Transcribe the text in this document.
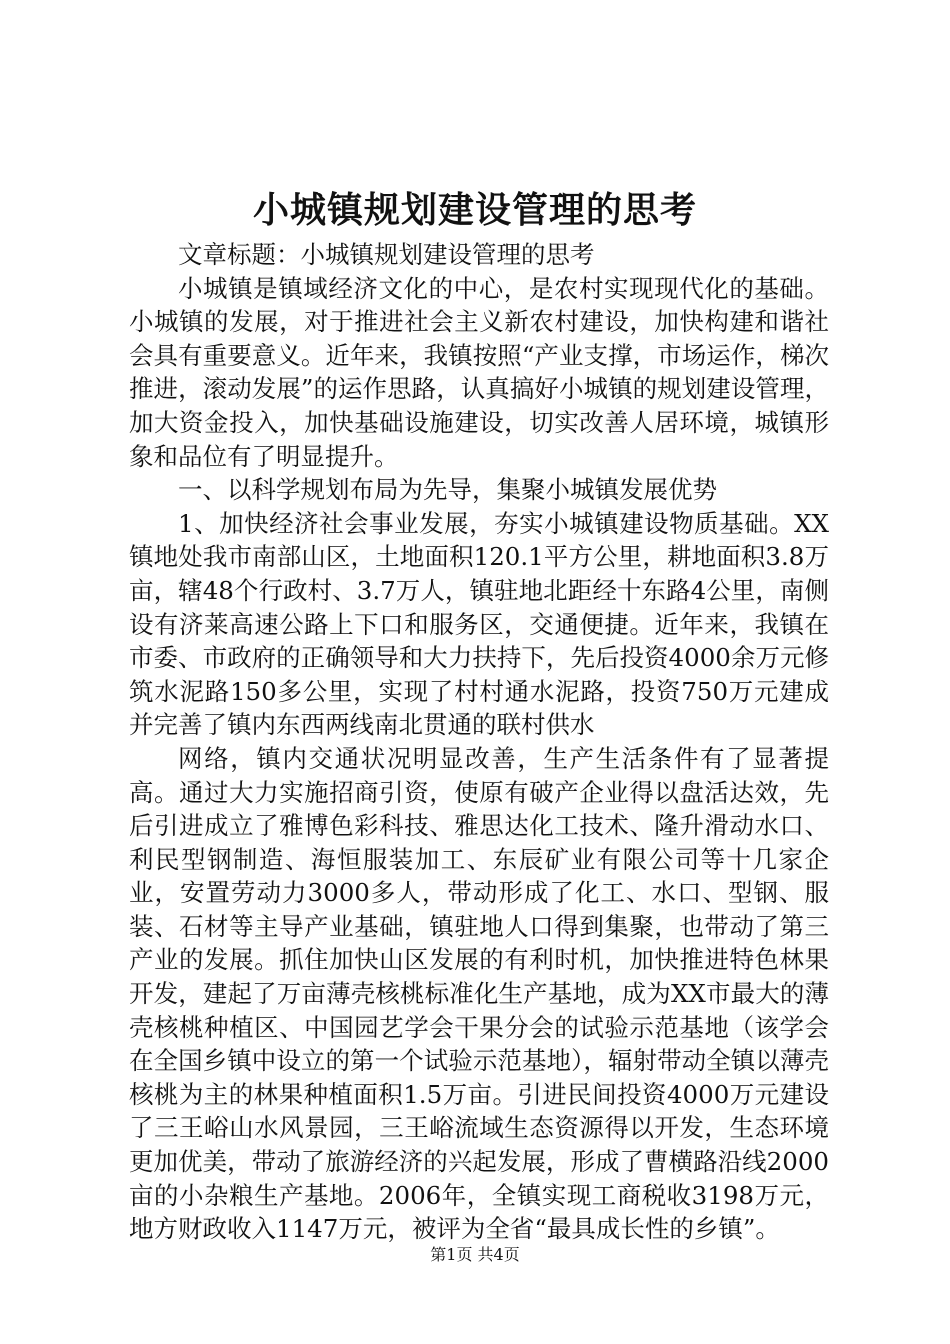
小城镇规划建设管理的思考

文章标题：小城镇规划建设管理的思考

小城镇是镇域经济文化的中心，是农村实现现代化的基础。小城镇的发展，对于推进社会主义新农村建设，加快构建和谐社会具有重要意义。近年来，我镇按照“产业支撑，市场运作，梯次推进，滚动发展”的运作思路，认真搞好小城镇的规划建设管理，加大资金投入，加快基础设施建设，切实改善人居环境，城镇形象和品位有了明显提升。

一、以科学规划布局为先导，集聚小城镇发展优势

1、加快经济社会事业发展，夯实小城镇建设物质基础。XX镇地处我市南部山区，土地面积120.1平方公里，耕地面积3.8万亩，辖48个行政村、3.7万人，镇驻地北距经十东路4公里，南侧设有济莱高速公路上下口和服务区，交通便捷。近年来，我镇在市委、市政府的正确领导和大力扶持下，先后投资4000余万元修筑水泥路150多公里，实现了村村通水泥路，投资750万元建成并完善了镇内东西两线南北贯通的联村供水

网络，镇内交通状况明显改善，生产生活条件有了显著提高。通过大力实施招商引资，使原有破产企业得以盘活达效，先后引进成立了雅博色彩科技、雅思达化工技术、隆升滑动水口、利民型钢制造、海恒服装加工、东辰矿业有限公司等十几家企业，安置劳动力3000多人，带动形成了化工、水口、型钢、服装、石材等主导产业基础，镇驻地人口得到集聚，也带动了第三产业的发展。抓住加快山区发展的有利时机，加快推进特色林果开发，建起了万亩薄壳核桃标准化生产基地，成为XX市最大的薄壳核桃种植区、中国园艺学会干果分会的试验示范基地（该学会在全国乡镇中设立的第一个试验示范基地），辐射带动全镇以薄壳核桃为主的林果种植面积1.5万亩。引进民间投资4000万元建设了三王峪山水风景园，三王峪流域生态资源得以开发，生态环境更加优美，带动了旅游经济的兴起发展，形成了曹横路沿线2000亩的小杂粮生产基地。2006年，全镇实现工商税收3198万元，地方财政收入1147万元，被评为全省“最具成长性的乡镇”。

第1页 共4页
